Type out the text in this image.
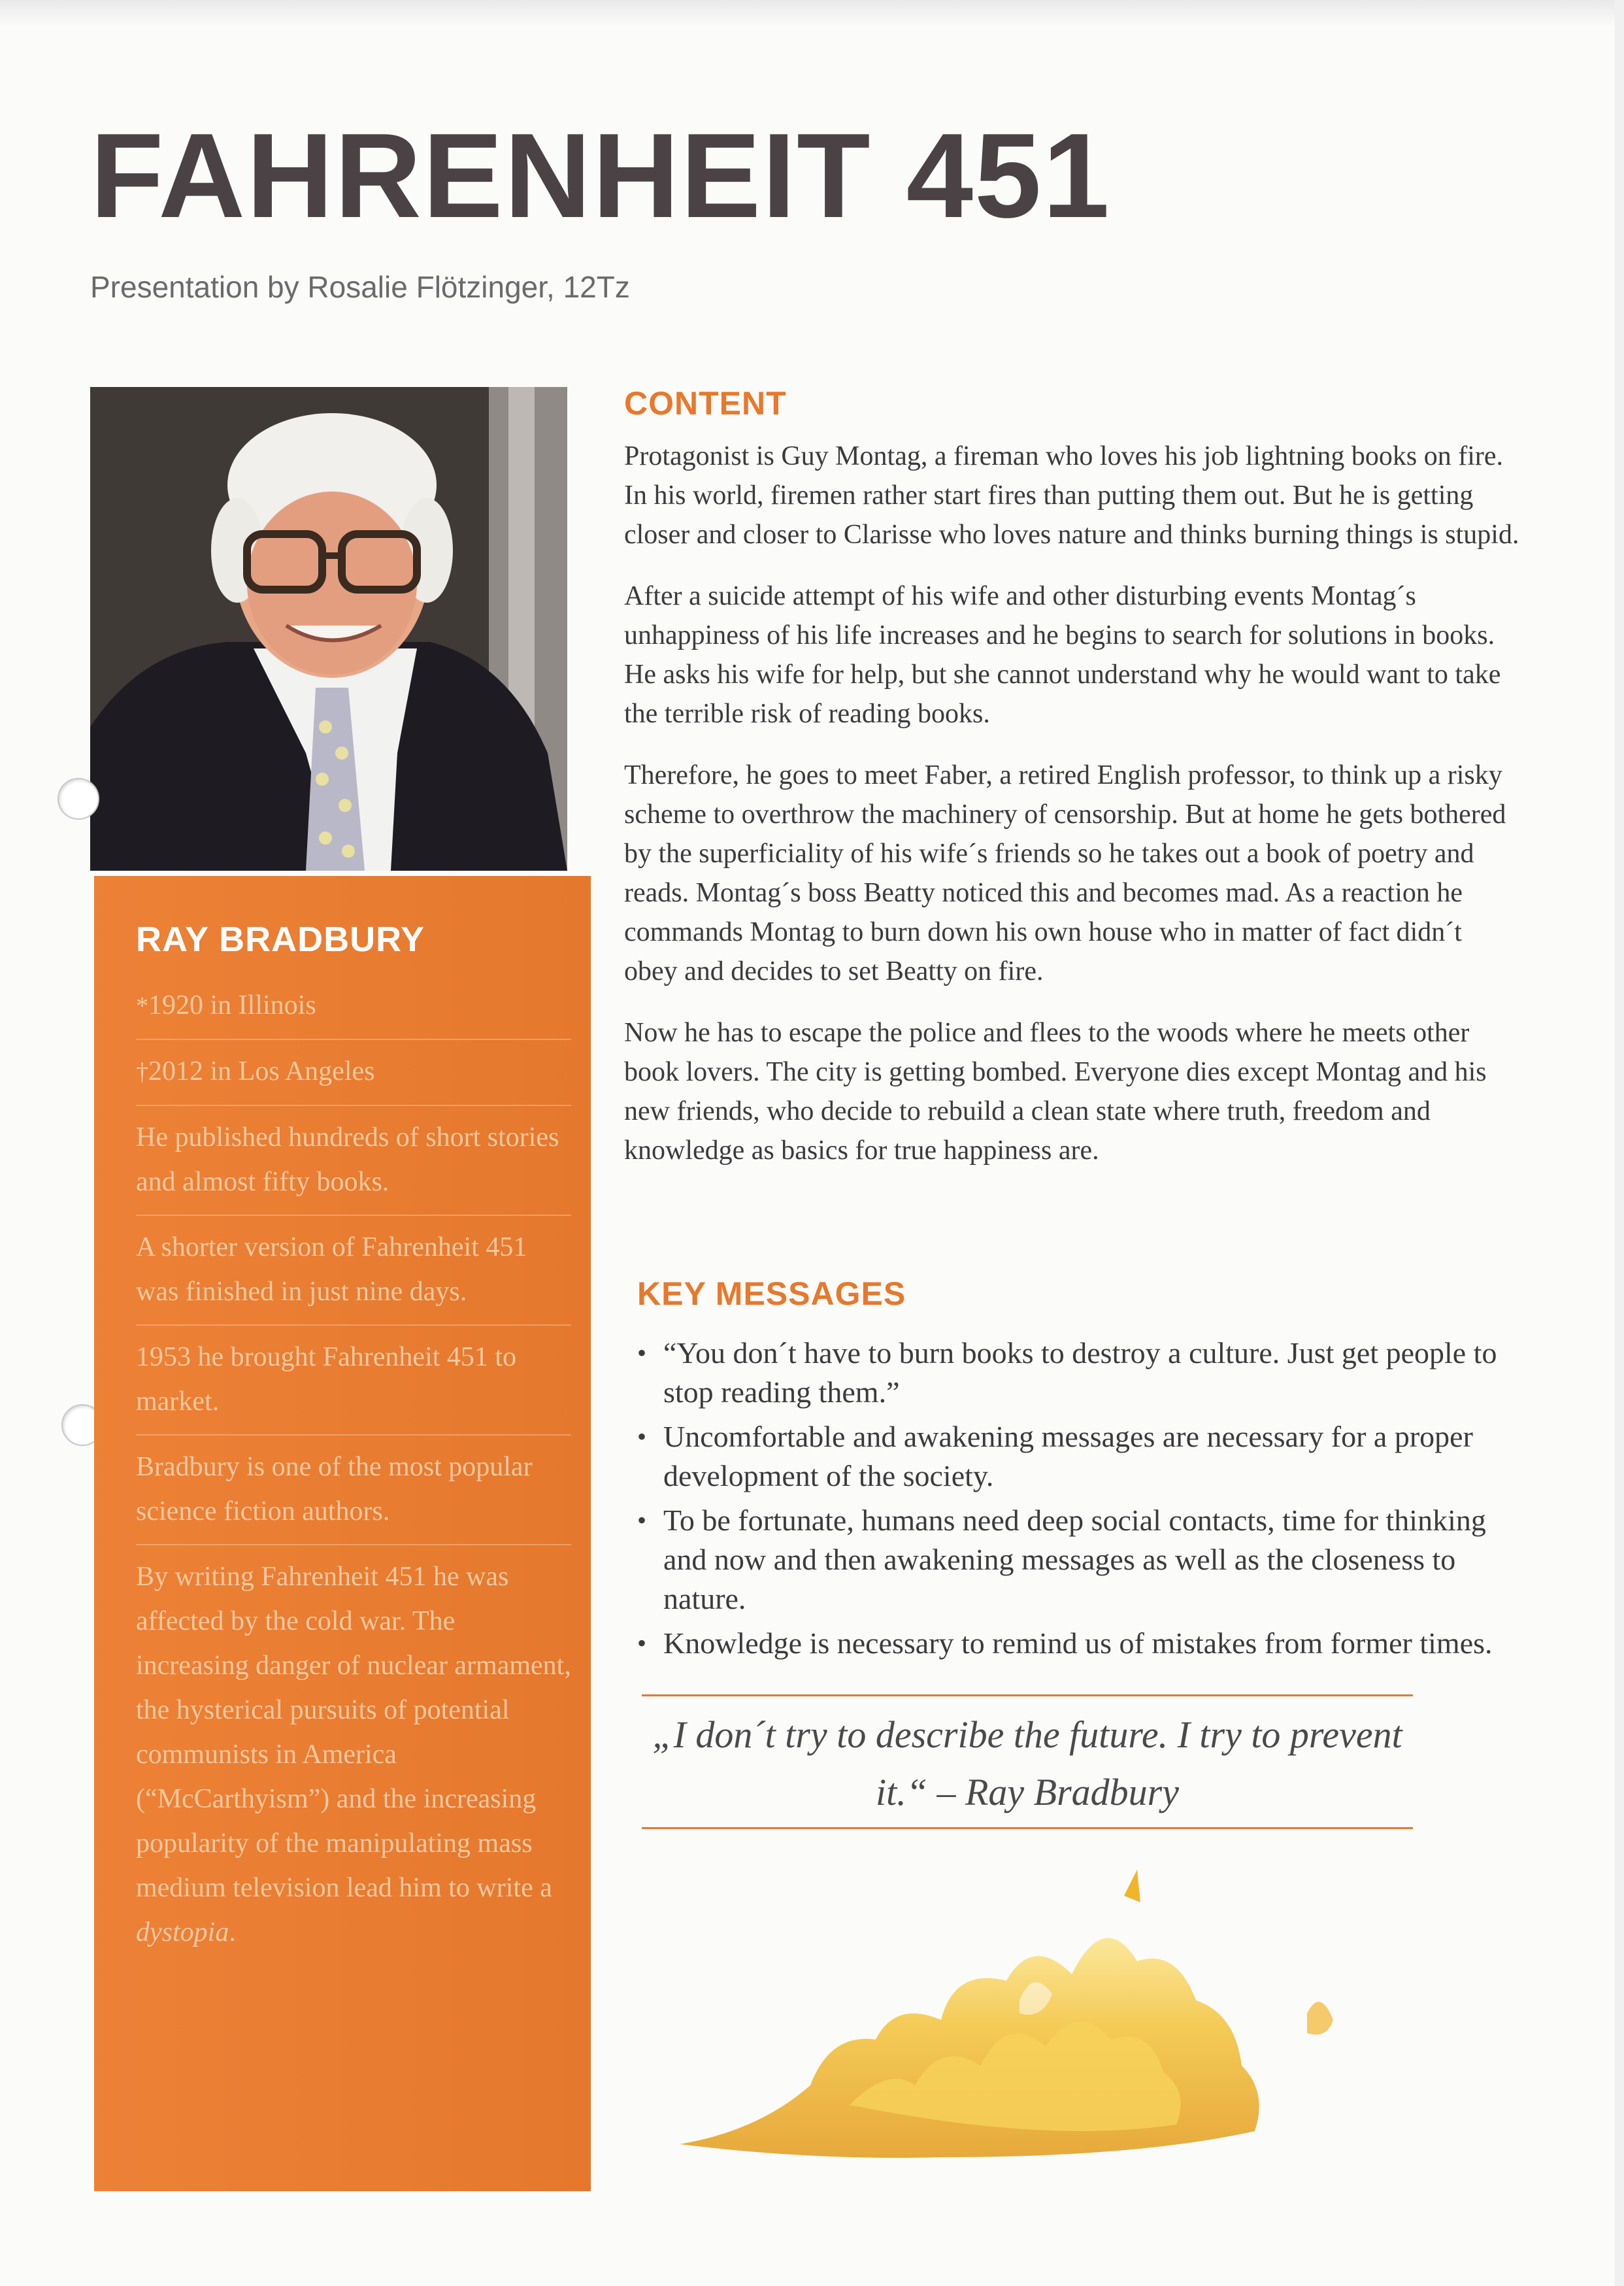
FAHRENHEIT 451
Presentation by Rosalie Flötzinger, 12Tz
RAY BRADBURY

*1920 in Illinois

†2012 in Los Angeles

He published hundreds of short stories and almost fifty books.

A shorter version of Fahrenheit 451 was finished in just nine days.

1953 he brought Fahrenheit 451 to market.

Bradbury is one of the most popular science fiction authors.

By writing Fahrenheit 451 he was affected by the cold war. The increasing danger of nuclear armament, the hysterical pursuits of potential communists in America (“McCarthyism”) and the increasing popularity of the manipulating mass medium television lead him to write a dystopia.

CONTENT

Protagonist is Guy Montag, a fireman who loves his job lightning books on fire. In his world, firemen rather start fires than putting them out. But he is getting closer and closer to Clarisse who loves nature and thinks burning things is stupid.

After a suicide attempt of his wife and other disturbing events Montag´s unhappiness of his life increases and he begins to search for solutions in books. He asks his wife for help, but she cannot understand why he would want to take the terrible risk of reading books.

Therefore, he goes to meet Faber, a retired English professor, to think up a risky scheme to overthrow the machinery of censorship. But at home he gets bothered by the superficiality of his wife´s friends so he takes out a book of poetry and reads. Montag´s boss Beatty noticed this and becomes mad. As a reaction he commands Montag to burn down his own house who in matter of fact didn´t obey and decides to set Beatty on fire.

Now he has to escape the police and flees to the woods where he meets other book lovers. The city is getting bombed. Everyone dies except Montag and his new friends, who decide to rebuild a clean state where truth, freedom and knowledge as basics for true happiness are.

KEY MESSAGES
• “You don´t have to burn books to destroy a culture. Just get people to stop reading them.”
• Uncomfortable and awakening messages are necessary for a proper development of the society.
• To be fortunate, humans need deep social contacts, time for thinking and now and then awakening messages as well as the closeness to nature.
• Knowledge is necessary to remind us of mistakes from former times.
„I don´t try to describe the future. I try to prevent it.“ – Ray Bradbury
